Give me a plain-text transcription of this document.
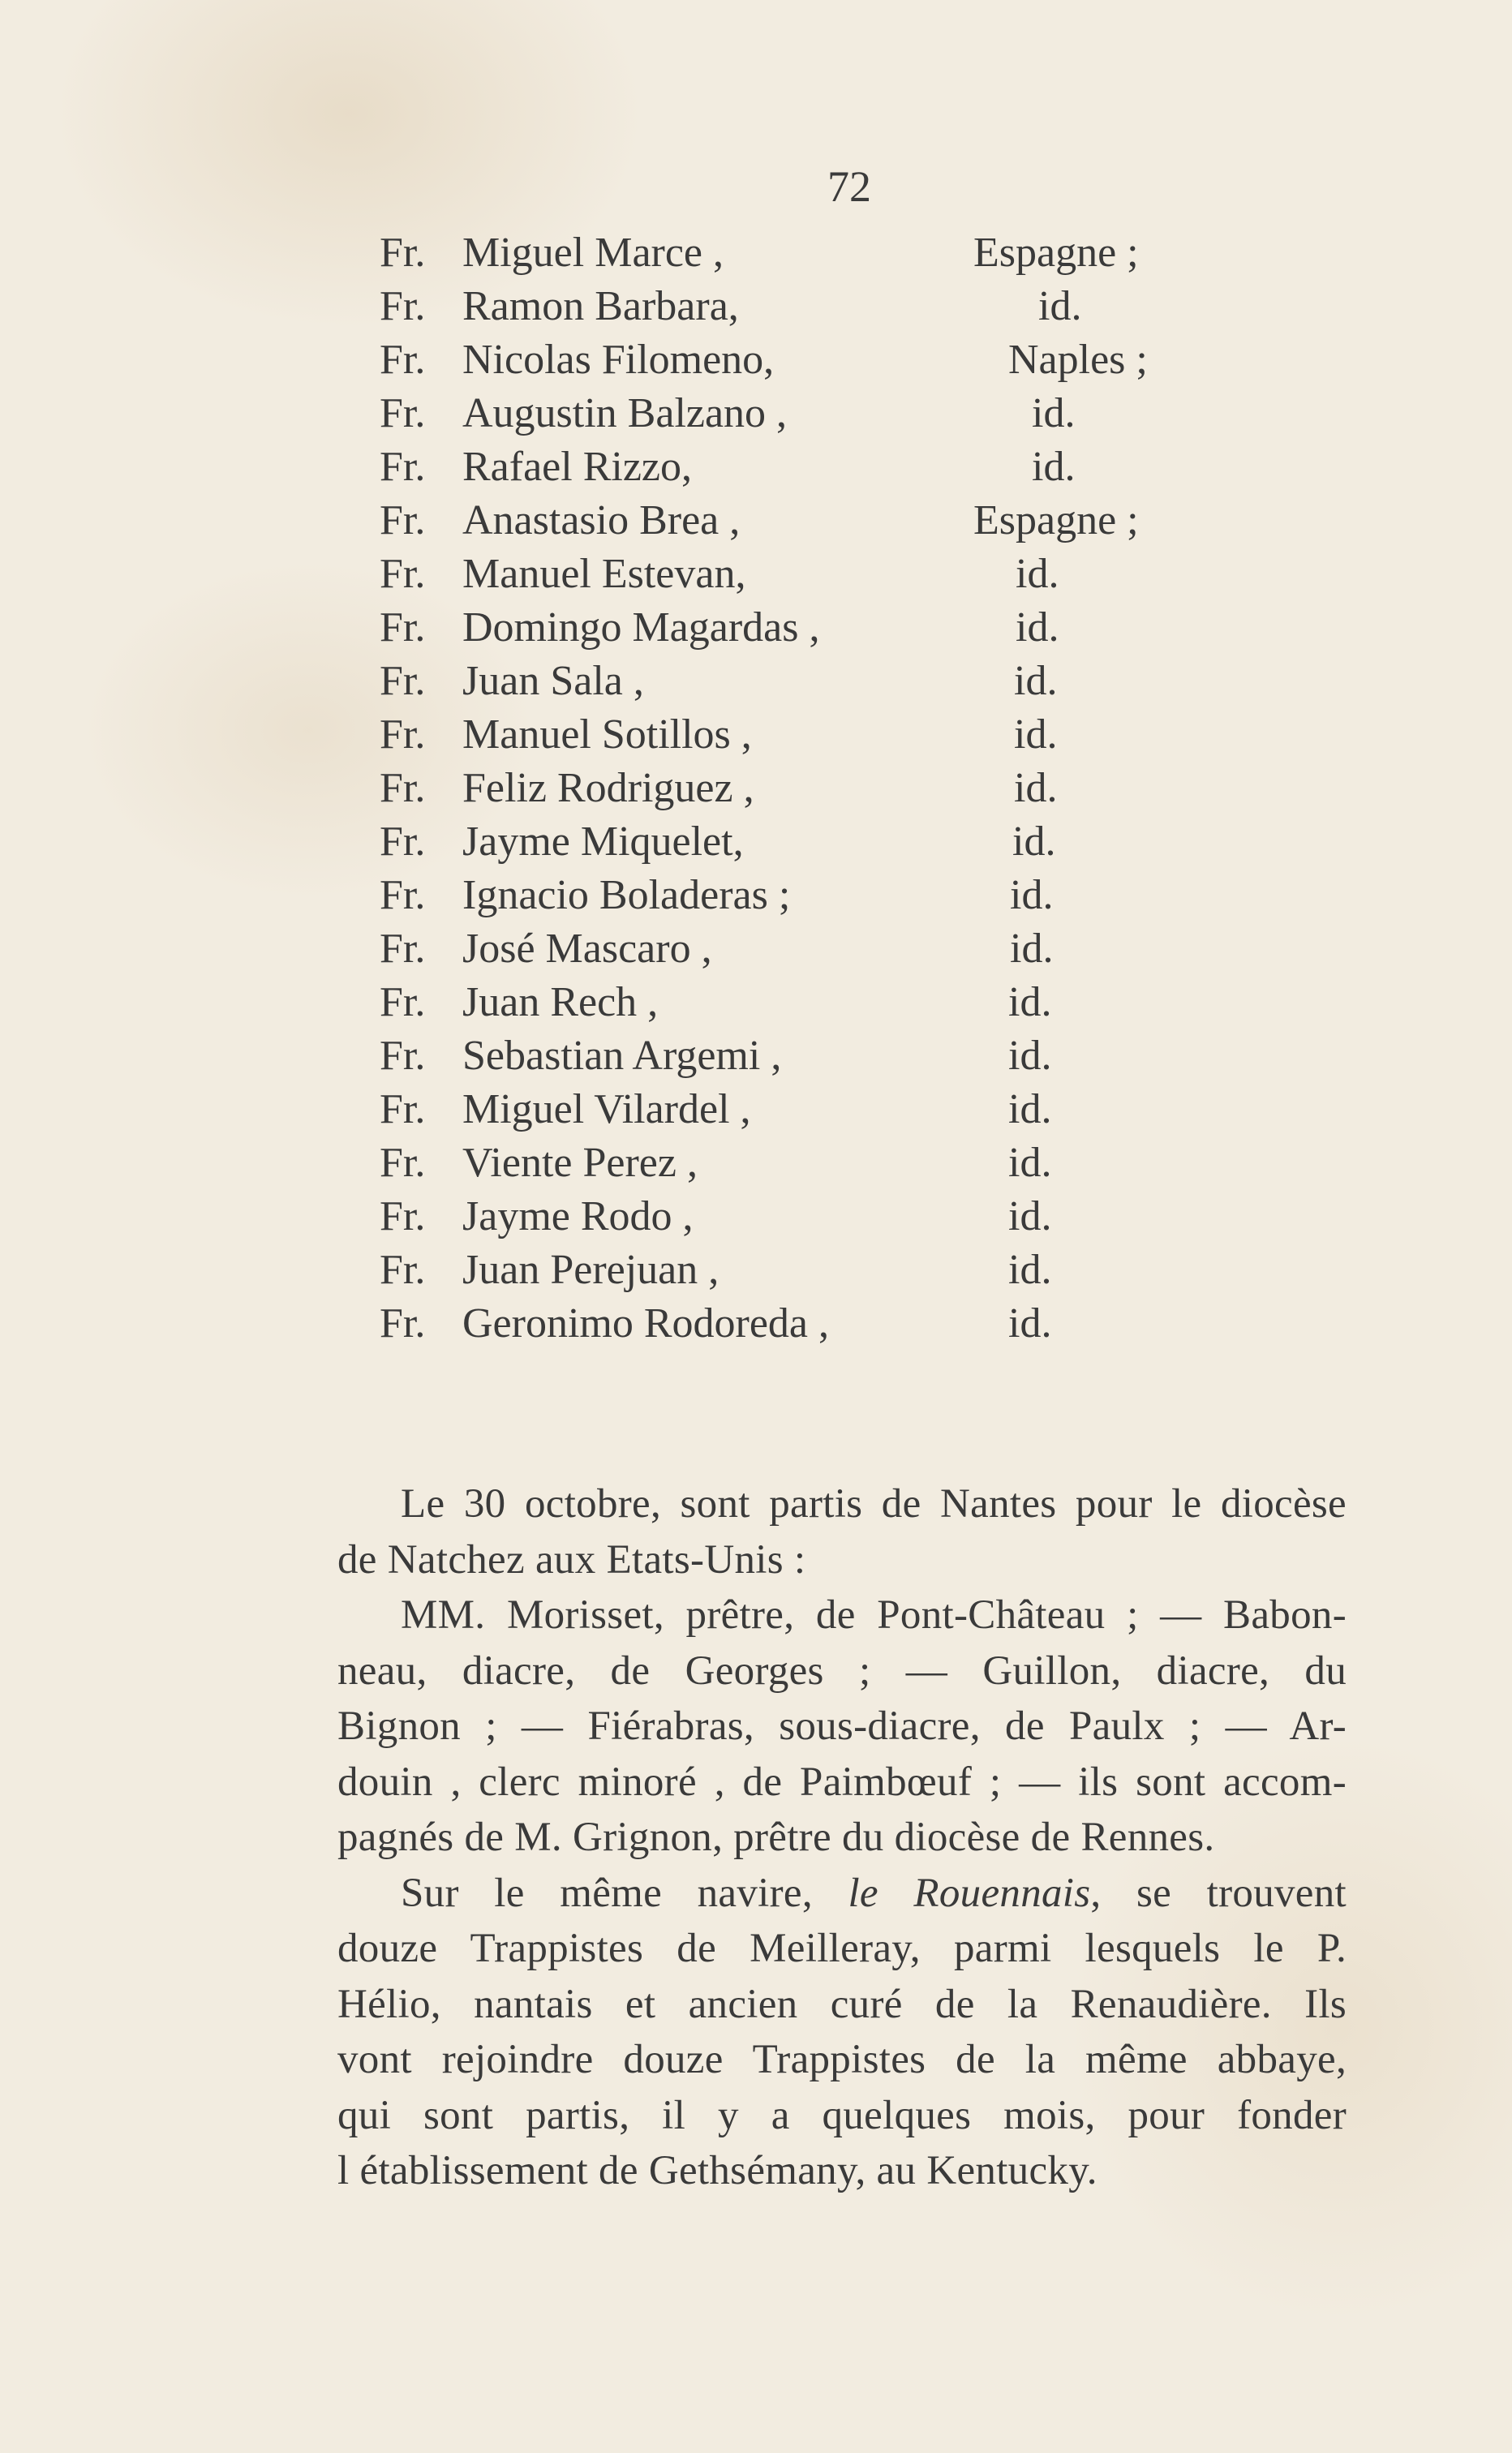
72
Fr. Miguel Marce ,	Espagne ;
Fr. Ramon Barbara,	id.
Fr. Nicolas Filomeno,	Naples ;
Fr. Augustin Balzano ,	id.
Fr. Rafael Rizzo,	id.
Fr. Anastasio Brea ,	Espagne ;
Fr. Manuel Estevan,	id.
Fr. Domingo Magardas ,	id.
Fr. Juan Sala ,	id.
Fr. Manuel Sotillos ,	id.
Fr. Feliz Rodriguez ,	id.
Fr. Jayme Miquelet,	id.
Fr. Ignacio Boladeras ;	id.
Fr. José Mascaro ,	id.
Fr. Juan Rech ,	id.
Fr. Sebastian Argemi ,	id.
Fr. Miguel Vilardel ,	id.
Fr. Viente Perez ,	id.
Fr. Jayme Rodo ,	id.
Fr. Juan Perejuan ,	id.
Fr. Geronimo Rodoreda ,	id.
Le 30 octobre, sont partis de Nantes pour le diocèse
de Natchez aux Etats-Unis :
MM. Morisset, prêtre, de Pont-Château ; — Babon-
neau, diacre, de Georges ; — Guillon, diacre, du
Bignon ; — Fiérabras, sous-diacre, de Paulx ; — Ar-
douin , clerc minoré , de Paimbœuf ; — ils sont accom-
pagnés de M. Grignon, prêtre du diocèse de Rennes.
Sur le même navire, le Rouennais, se trouvent
douze Trappistes de Meilleray, parmi lesquels le P.
Hélio, nantais et ancien curé de la Renaudière. Ils
vont rejoindre douze Trappistes de la même abbaye,
qui sont partis, il y a quelques mois, pour fonder
l établissement de Gethsémany, au Kentucky.
